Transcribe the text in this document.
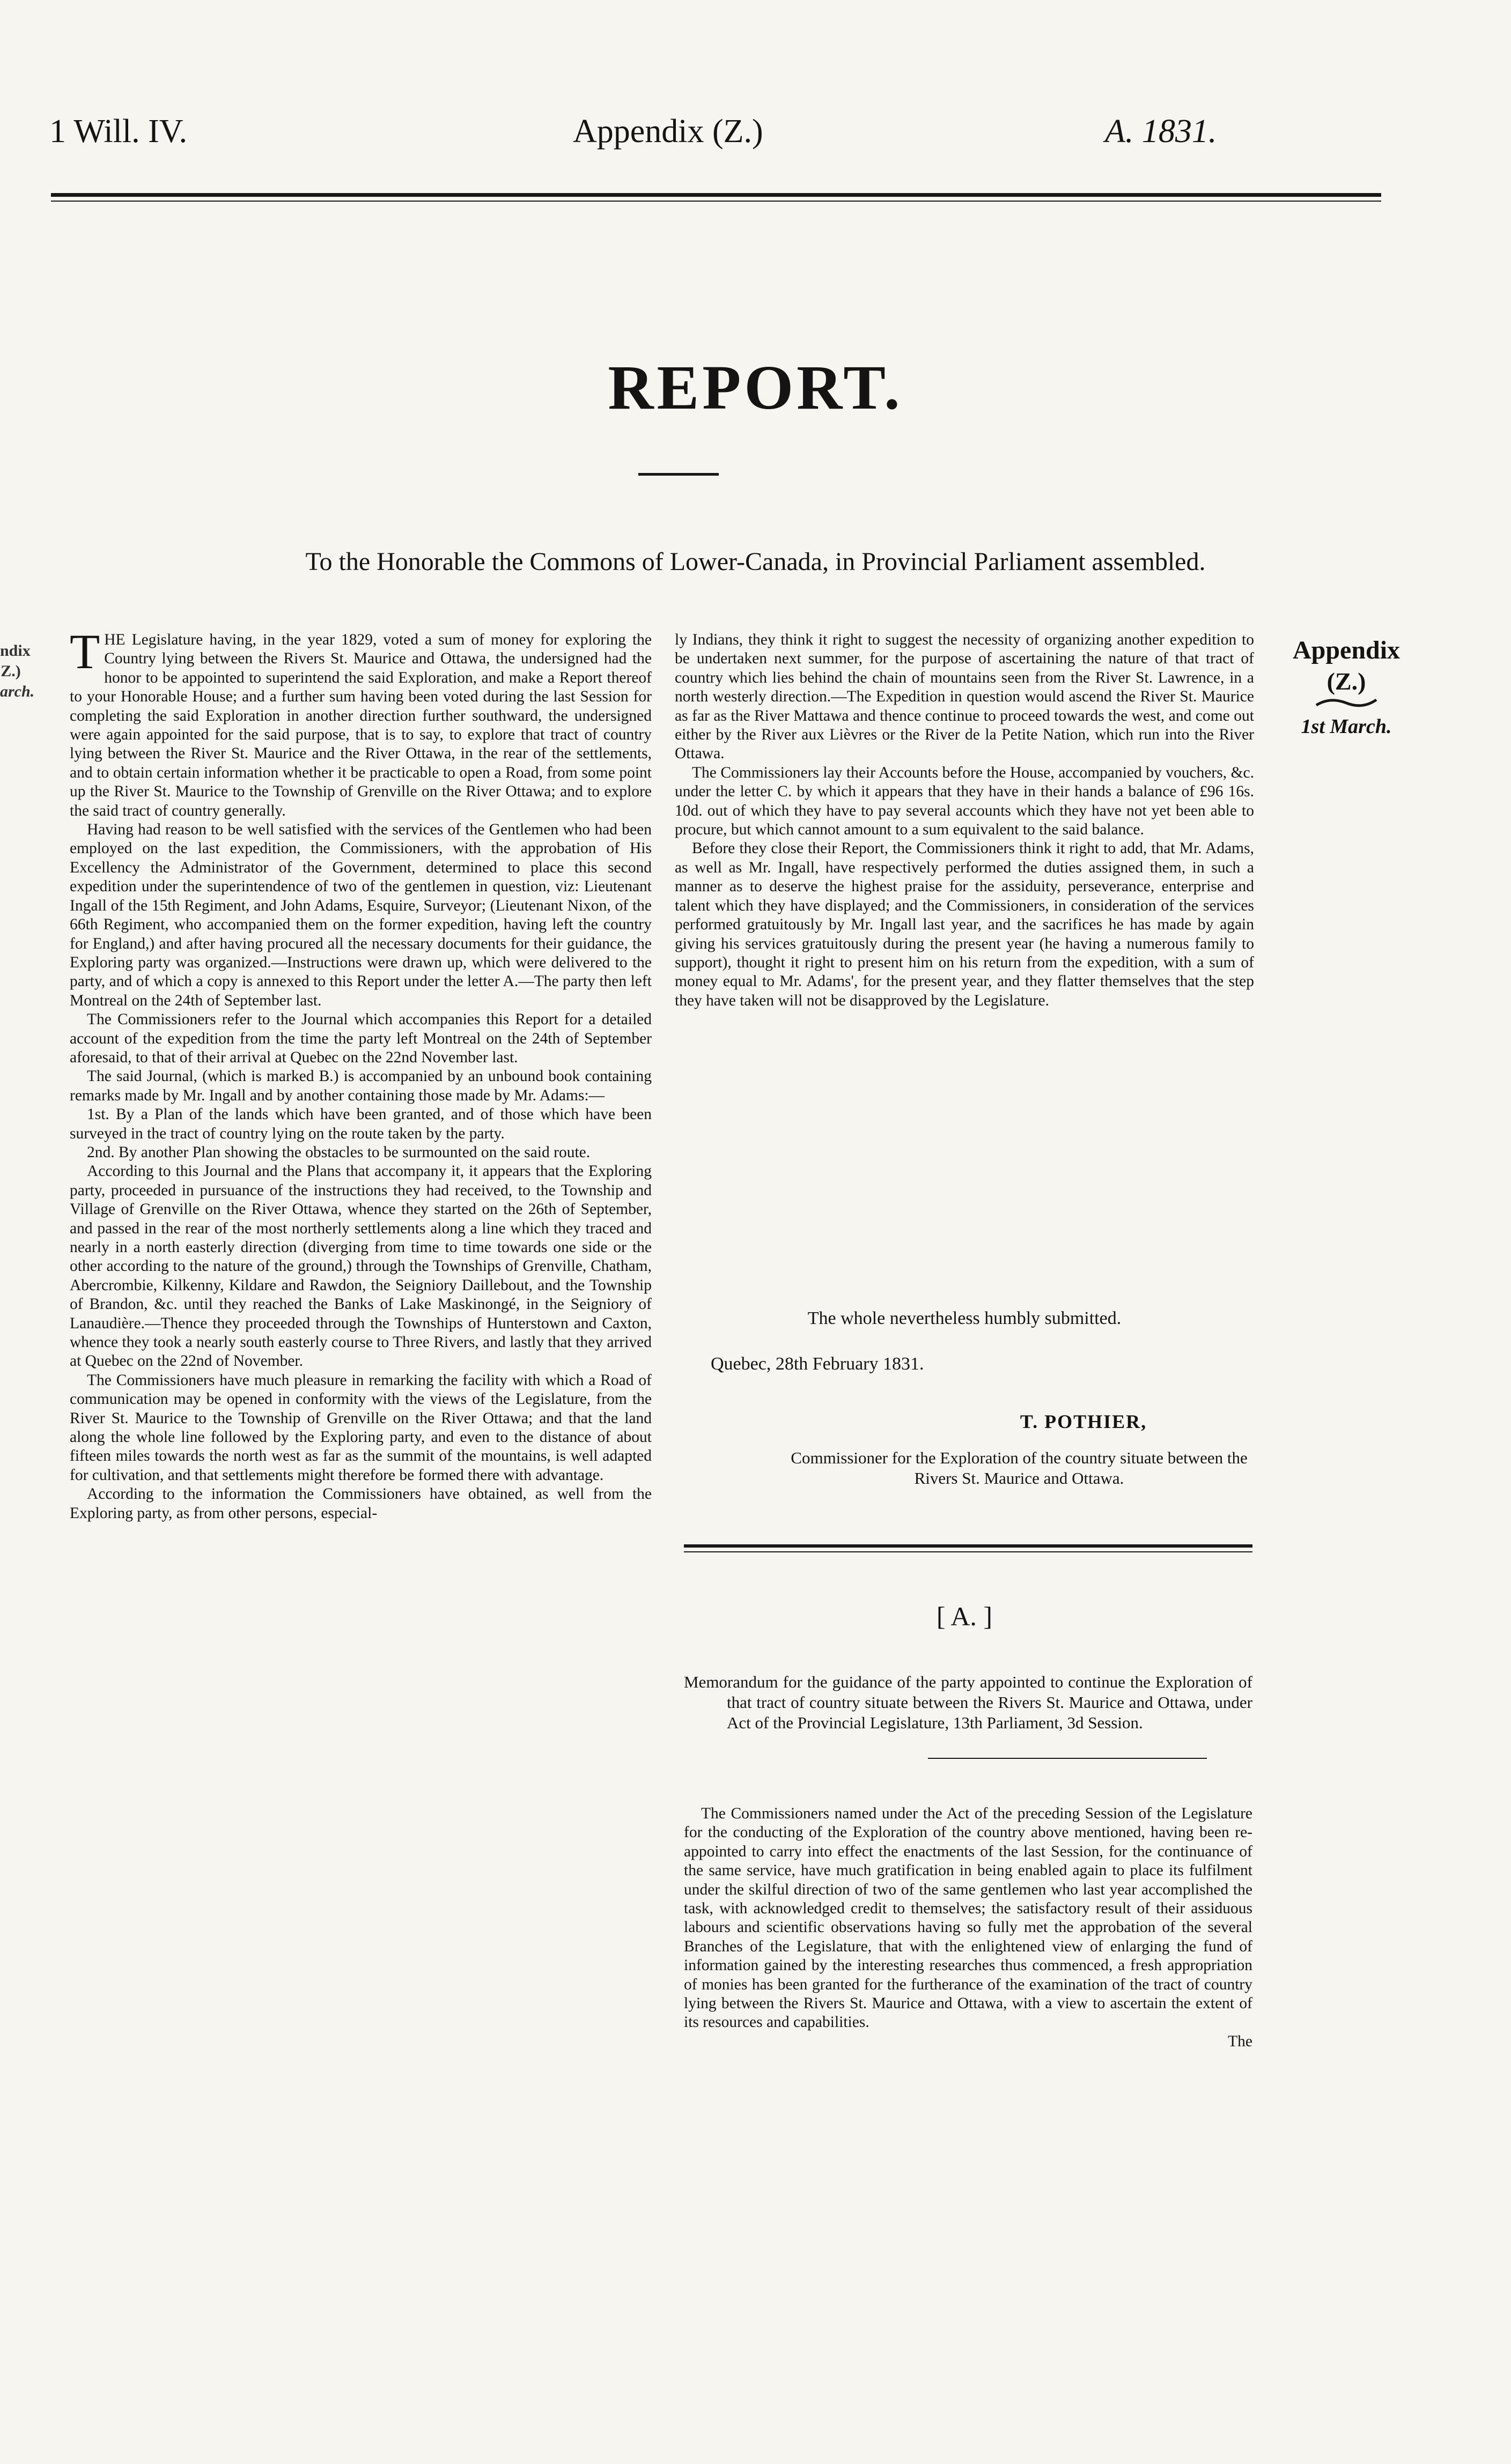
1 Will. IV.	Appendix (Z.)	A. 1831.
REPORT.
To the Honorable the Commons of Lower-Canada, in Provincial Parliament assembled.
ndix
Z.)
arch.
Appendix
(Z.)
1st March.

THE Legislature having, in the year 1829, voted a sum of money for exploring the Country lying between the Rivers St. Maurice and Ottawa, the undersigned had the honor to be appointed to superintend the said Exploration, and make a Report thereof to your Honorable House; and a further sum having been voted during the last Session for completing the said Exploration in another direction further southward, the undersigned were again appointed for the said purpose, that is to say, to explore that tract of country lying between the River St. Maurice and the River Ottawa, in the rear of the settlements, and to obtain certain information whether it be practicable to open a Road, from some point up the River St. Maurice to the Township of Grenville on the River Ottawa; and to explore the said tract of country generally.

Having had reason to be well satisfied with the services of the Gentlemen who had been employed on the last expedition, the Commissioners, with the approbation of His Excellency the Administrator of the Government, determined to place this second expedition under the superintendence of two of the gentlemen in question, viz: Lieutenant Ingall of the 15th Regiment, and John Adams, Esquire, Surveyor; (Lieutenant Nixon, of the 66th Regiment, who accompanied them on the former expedition, having left the country for England,) and after having procured all the necessary documents for their guidance, the Exploring party was organized.—Instructions were drawn up, which were delivered to the party, and of which a copy is annexed to this Report under the letter A.—The party then left Montreal on the 24th of September last.

The Commissioners refer to the Journal which accompanies this Report for a detailed account of the expedition from the time the party left Montreal on the 24th of September aforesaid, to that of their arrival at Quebec on the 22nd November last.

The said Journal, (which is marked B.) is accompanied by an unbound book containing remarks made by Mr. Ingall and by another containing those made by Mr. Adams:—

1st. By a Plan of the lands which have been granted, and of those which have been surveyed in the tract of country lying on the route taken by the party.

2nd. By another Plan showing the obstacles to be surmounted on the said route.

According to this Journal and the Plans that accompany it, it appears that the Exploring party, proceeded in pursuance of the instructions they had received, to the Township and Village of Grenville on the River Ottawa, whence they started on the 26th of September, and passed in the rear of the most northerly settlements along a line which they traced and nearly in a north easterly direction (diverging from time to time towards one side or the other according to the nature of the ground,) through the Townships of Grenville, Chatham, Abercrombie, Kilkenny, Kildare and Rawdon, the Seigniory Daillebout, and the Township of Brandon, &c. until they reached the Banks of Lake Maskinongé, in the Seigniory of Lanaudière.—Thence they proceeded through the Townships of Hunterstown and Caxton, whence they took a nearly south easterly course to Three Rivers, and lastly that they arrived at Quebec on the 22nd of November.

The Commissioners have much pleasure in remarking the facility with which a Road of communication may be opened in conformity with the views of the Legislature, from the River St. Maurice to the Township of Grenville on the River Ottawa; and that the land along the whole line followed by the Exploring party, and even to the distance of about fifteen miles towards the north west as far as the summit of the mountains, is well adapted for cultivation, and that settlements might therefore be formed there with advantage.

According to the information the Commissioners have obtained, as well from the Exploring party, as from other persons, especial-

ly Indians, they think it right to suggest the necessity of organizing another expedition to be undertaken next summer, for the purpose of ascertaining the nature of that tract of country which lies behind the chain of mountains seen from the River St. Lawrence, in a north westerly direction.—The Expedition in question would ascend the River St. Maurice as far as the River Mattawa and thence continue to proceed towards the west, and come out either by the River aux Lièvres or the River de la Petite Nation, which run into the River Ottawa.

The Commissioners lay their Accounts before the House, accompanied by vouchers, &c. under the letter C. by which it appears that they have in their hands a balance of £96 16s. 10d. out of which they have to pay several accounts which they have not yet been able to procure, but which cannot amount to a sum equivalent to the said balance.

Before they close their Report, the Commissioners think it right to add, that Mr. Adams, as well as Mr. Ingall, have respectively performed the duties assigned them, in such a manner as to deserve the highest praise for the assiduity, perseverance, enterprise and talent which they have displayed; and the Commissioners, in consideration of the services performed gratuitously by Mr. Ingall last year, and the sacrifices he has made by again giving his services gratuitously during the present year (he having a numerous family to support), thought it right to present him on his return from the expedition, with a sum of money equal to Mr. Adams', for the present year, and they flatter themselves that the step they have taken will not be disapproved by the Legislature.

The whole nevertheless humbly submitted.
Quebec, 28th February 1831.
T. POTHIER,
Commissioner for the Exploration of the country situate between the Rivers St. Maurice and Ottawa.
[ A. ]

Memorandum for the guidance of the party appointed to continue the Exploration of that tract of country situate between the Rivers St. Maurice and Ottawa, under Act of the Provincial Legislature, 13th Parliament, 3d Session.

The Commissioners named under the Act of the preceding Session of the Legislature for the conducting of the Exploration of the country above mentioned, having been re-appointed to carry into effect the enactments of the last Session, for the continuance of the same service, have much gratification in being enabled again to place its fulfilment under the skilful direction of two of the same gentlemen who last year accomplished the task, with acknowledged credit to themselves; the satisfactory result of their assiduous labours and scientific observations having so fully met the approbation of the several Branches of the Legislature, that with the enlightened view of enlarging the fund of information gained by the interesting researches thus commenced, a fresh appropriation of monies has been granted for the furtherance of the examination of the tract of country lying between the Rivers St. Maurice and Ottawa, with a view to ascertain the extent of its resources and capabilities.

The
